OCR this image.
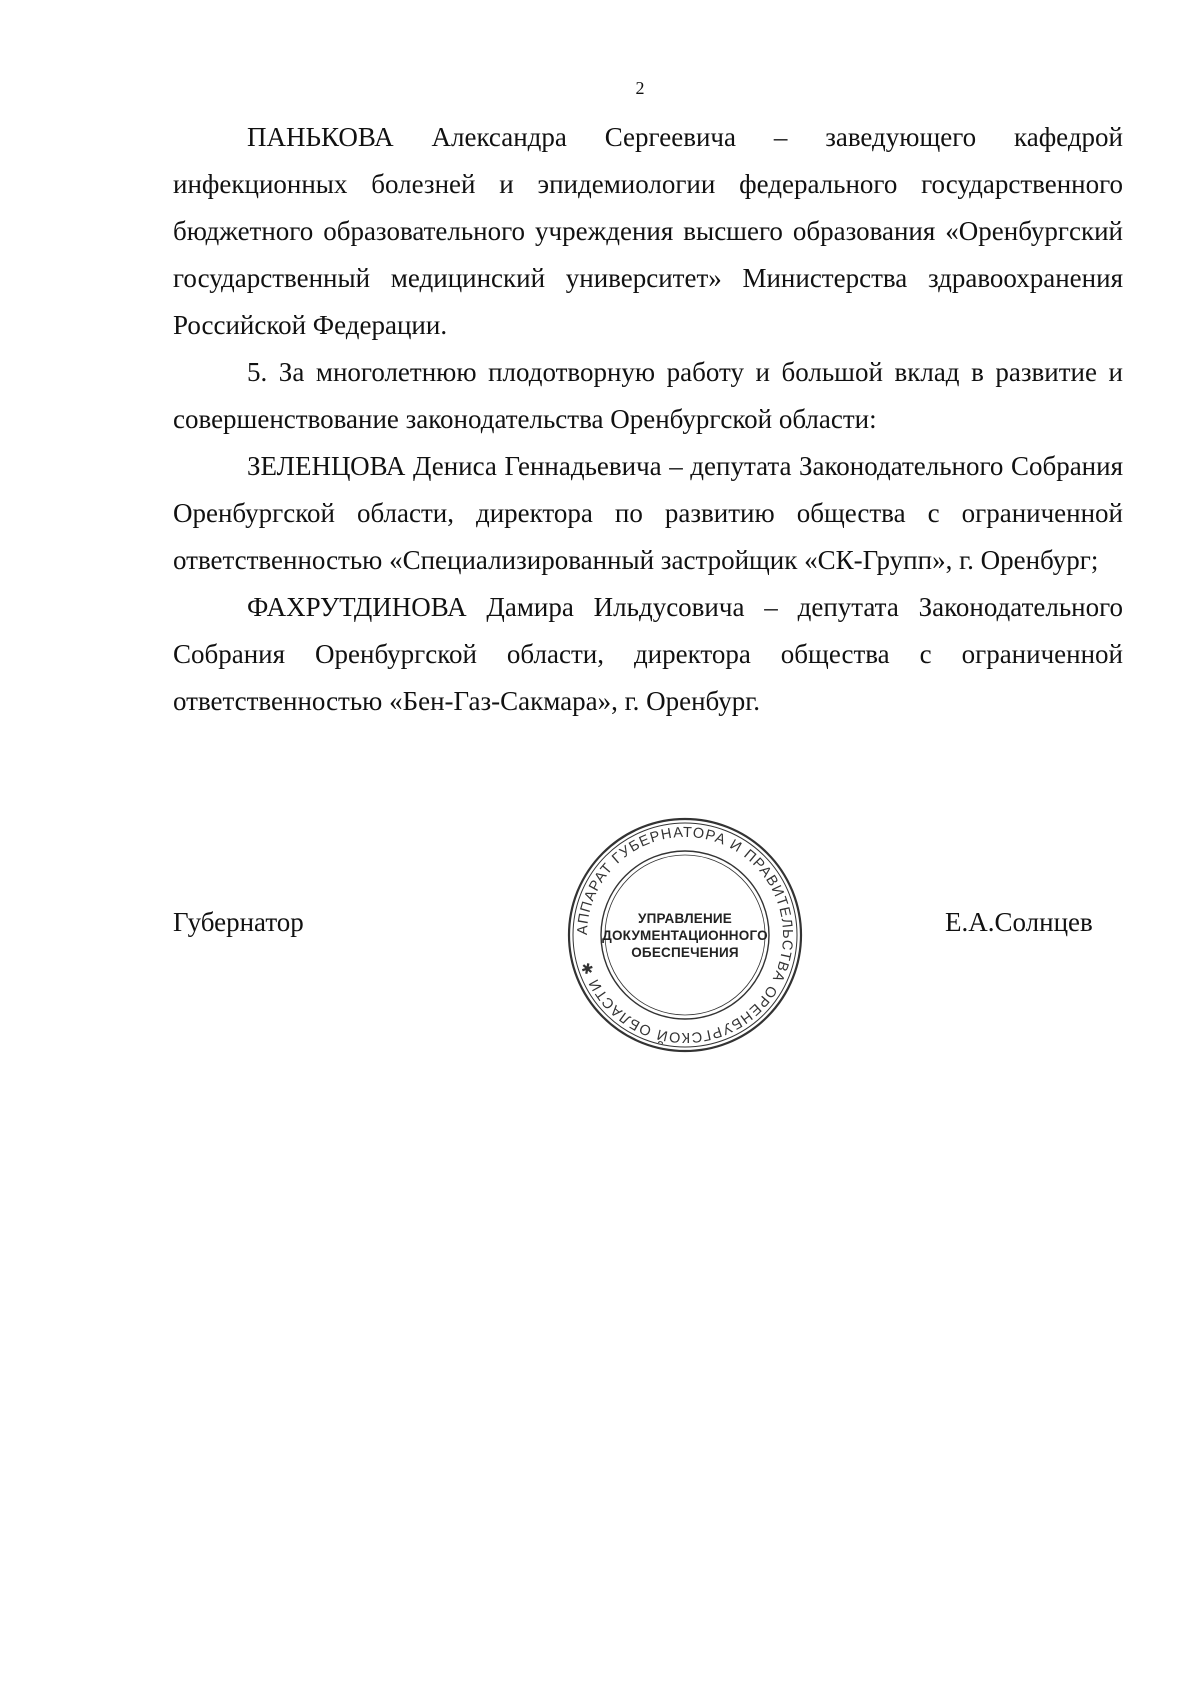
2

ПАНЬКОВА Александра Сергеевича – заведующего кафедрой инфекционных болезней и эпидемиологии федерального государственного бюджетного образовательного учреждения высшего образования «Оренбургский государственный медицинский университет» Министерства здравоохранения Российской Федерации.

5. За многолетнюю плодотворную работу и большой вклад в развитие и совершенствование законодательства Оренбургской области:

ЗЕЛЕНЦОВА Дениса Геннадьевича – депутата Законодательного Собрания Оренбургской области, директора по развитию общества с ограниченной ответственностью «Специализированный застройщик «СК-Групп», г. Оренбург;

ФАХРУТДИНОВА Дамира Ильдусовича – депутата Законодательного Собрания Оренбургской области, директора общества с ограниченной ответственностью «Бен-Газ-Сакмара», г. Оренбург.

Губернатор	АППАРАТ ГУБЕРНАТОРА И ПРАВИТЕЛЬСТВА ОРЕНБУРГСКОЙ ОБЛАСТИ ✱
УПРАВЛЕНИЕ
ДОКУМЕНТАЦИОННОГО
ОБЕСПЕЧЕНИЯ
Е.А.Солнцев
